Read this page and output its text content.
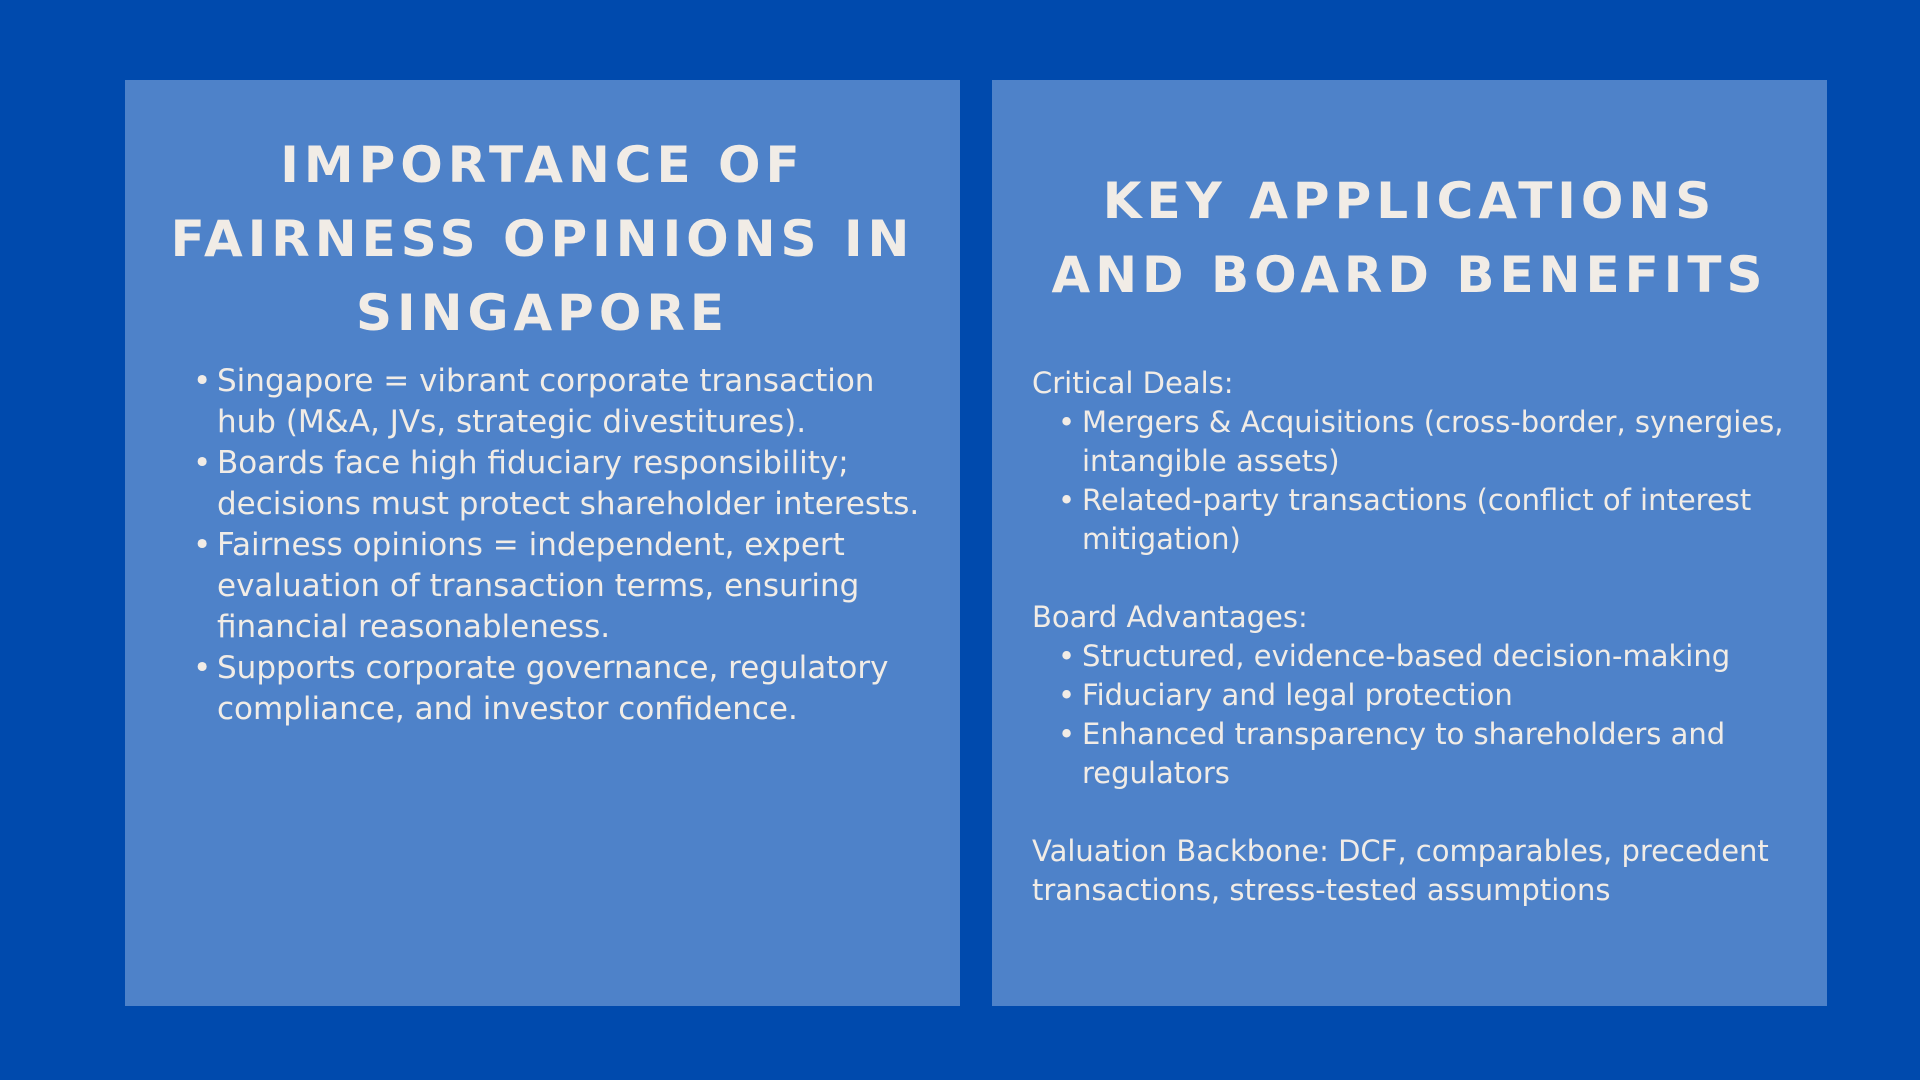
IMPORTANCE OF
FAIRNESS OPINIONS IN
SINGAPORE
• Singapore = vibrant corporate transaction hub (M&A, JVs, strategic divestitures).
• Boards face high fiduciary responsibility; decisions must protect shareholder interests.
• Fairness opinions = independent, expert evaluation of transaction terms, ensuring financial reasonableness.
• Supports corporate governance, regulatory compliance, and investor confidence.
KEY APPLICATIONS
AND BOARD BENEFITS

Critical Deals:

• Mergers & Acquisitions (cross-border, synergies, intangible assets)
• Related-party transactions (conflict of interest mitigation)

Board Advantages:

• Structured, evidence-based decision-making
• Fiduciary and legal protection
• Enhanced transparency to shareholders and regulators

Valuation Backbone: DCF, comparables, precedent transactions, stress-tested assumptions
